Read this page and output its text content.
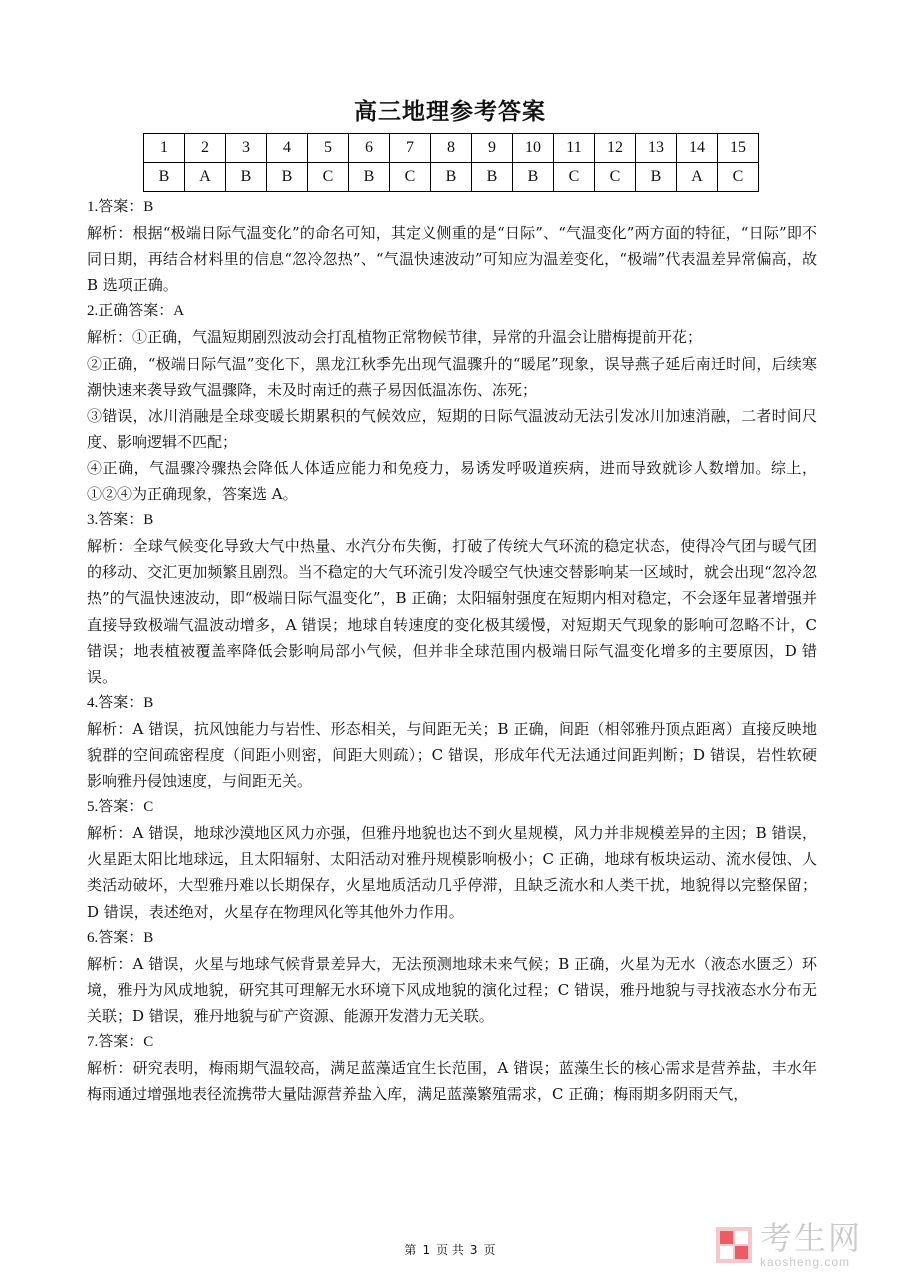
高三地理参考答案
1	2	3	4	5	6	7	8	9	10	11	12	13	14	15
B	A	B	B	C	B	C	B	B	B	C	C	B	A	C

1.答案：B

解析：根据“极端日际气温变化”的命名可知，其定义侧重的是“日际”、“气温变化”两方面的特征，“日际”即不同日期，再结合材料里的信息“忽冷忽热”、“气温快速波动”可知应为温差变化，“极端”代表温差异常偏高，故 B 选项正确。

2.正确答案：A

解析：①正确，气温短期剧烈波动会打乱植物正常物候节律，异常的升温会让腊梅提前开花；

②正确，“极端日际气温”变化下，黑龙江秋季先出现气温骤升的“暖尾”现象，误导燕子延后南迁时间，后续寒潮快速来袭导致气温骤降，未及时南迁的燕子易因低温冻伤、冻死；

③错误，冰川消融是全球变暖长期累积的气候效应，短期的日际气温波动无法引发冰川加速消融，二者时间尺度、影响逻辑不匹配；

④正确，气温骤冷骤热会降低人体适应能力和免疫力，易诱发呼吸道疾病，进而导致就诊人数增加。综上，①②④为正确现象，答案选 A。

3.答案：B

解析：全球气候变化导致大气中热量、水汽分布失衡，打破了传统大气环流的稳定状态，使得冷气团与暖气团的移动、交汇更加频繁且剧烈。当不稳定的大气环流引发冷暖空气快速交替影响某一区域时，就会出现“忽冷忽热”的气温快速波动，即“极端日际气温变化”，B 正确；太阳辐射强度在短期内相对稳定，不会逐年显著增强并直接导致极端气温波动增多，A 错误；地球自转速度的变化极其缓慢，对短期天气现象的影响可忽略不计，C 错误；地表植被覆盖率降低会影响局部小气候，但并非全球范围内极端日际气温变化增多的主要原因，D 错误。

4.答案：B

解析：A 错误，抗风蚀能力与岩性、形态相关，与间距无关；B 正确，间距（相邻雅丹顶点距离）直接反映地貌群的空间疏密程度（间距小则密，间距大则疏）；C 错误，形成年代无法通过间距判断；D 错误，岩性软硬影响雅丹侵蚀速度，与间距无关。

5.答案：C

解析：A 错误，地球沙漠地区风力亦强，但雅丹地貌也达不到火星规模，风力并非规模差异的主因；B 错误，火星距太阳比地球远，且太阳辐射、太阳活动对雅丹规模影响极小；C 正确，地球有板块运动、流水侵蚀、人类活动破坏，大型雅丹难以长期保存，火星地质活动几乎停滞，且缺乏流水和人类干扰，地貌得以完整保留；D 错误，表述绝对，火星存在物理风化等其他外力作用。

6.答案：B

解析：A 错误，火星与地球气候背景差异大，无法预测地球未来气候；B 正确，火星为无水（液态水匮乏）环境，雅丹为风成地貌，研究其可理解无水环境下风成地貌的演化过程；C 错误，雅丹地貌与寻找液态水分布无关联；D 错误，雅丹地貌与矿产资源、能源开发潜力无关联。

7.答案：C

解析：研究表明，梅雨期气温较高，满足蓝藻适宜生长范围，A 错误；蓝藻生长的核心需求是营养盐，丰水年梅雨通过增强地表径流携带大量陆源营养盐入库，满足蓝藻繁殖需求，C 正确；梅雨期多阴雨天气，

第 1 页 共 3 页	考生网
kaosheng.com
